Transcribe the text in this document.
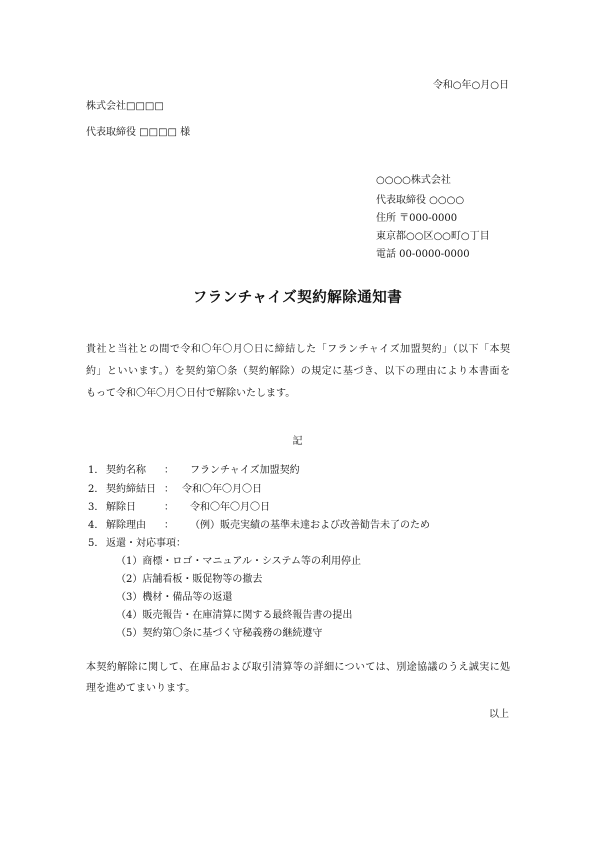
令和○年○月○日
株式会社□□□□
代表取締役 □□□□ 様
○○○○株式会社
代表取締役 ○○○○
住所 〒000-0000
東京都○○区○○町○丁目
電話 00-0000-0000
フランチャイズ契約解除通知書
貴社と当社との間で令和〇年〇月〇日に締結した「フランチャイズ加盟契約」（以下「本契
約」といいます。）を契約第〇条（契約解除）の規定に基づき、以下の理由により本書面を
もって令和〇年〇月〇日付で解除いたします。
記
1． 契約名称 ： フランチャイズ加盟契約
2． 契約締結日 ： 令和〇年〇月〇日
3． 解除日	： 令和〇年〇月〇日
4． 解除理由 ： （例）販売実績の基準未達および改善勧告未了のため
5． 返還・対応事項：
（1）商標・ロゴ・マニュアル・システム等の利用停止
（2）店舗看板・販促物等の撤去
（3）機材・備品等の返還
（4）販売報告・在庫清算に関する最終報告書の提出
（5）契約第〇条に基づく守秘義務の継続遵守
本契約解除に関して、在庫品および取引清算等の詳細については、別途協議のうえ誠実に処
理を進めてまいります。
以上
